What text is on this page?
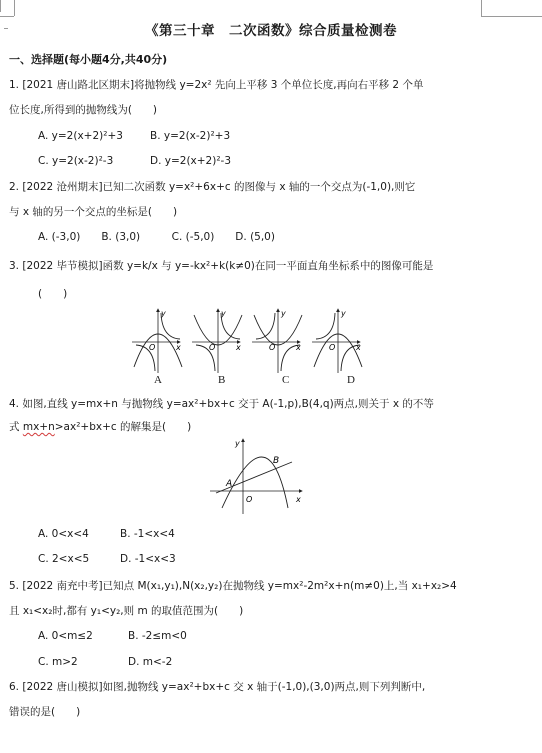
《第三十章　二次函数》综合质量检测卷
一、选择题(每小题4分,共40分)
1. [2021 唐山路北区期末]将抛物线 y=2x² 先向上平移 3 个单位长度,再向右平移 2 个单
位长度,所得到的抛物线为(　　)
A. y=2(x+2)²+3	B. y=2(x-2)²+3
C. y=2(x-2)²-3	D. y=2(x+2)²-3
2. [2022 沧州期末]已知二次函数 y=x²+6x+c 的图像与 x 轴的一个交点为(-1,0),则它
与 x 轴的另一个交点的坐标是(　　)
A. (-3,0)　　B. (3,0)　　　C. (-5,0)　　D. (5,0)
3. [2022 毕节模拟]函数 y=k/x 与 y=-kx²+k(k≠0)在同一平面直角坐标系中的图像可能是
(　　)
y
x
O
y
x
O
y
x
O
y
x
O
A	B	C	D
4. 如图,直线 y=mx+n 与抛物线 y=ax²+bx+c 交于 A(-1,p),B(4,q)两点,则关于 x 的不等
式 mx+n>ax²+bx+c 的解集是(　　)
A
B
O	x
y
A. 0<x<4	B. -1<x<4
C. 2<x<5	D. -1<x<3
5. [2022 南充中考]已知点 M(x₁,y₁),N(x₂,y₂)在抛物线 y=mx²-2m²x+n(m≠0)上,当 x₁+x₂>4
且 x₁<x₂时,都有 y₁<y₂,则 m 的取值范围为(　　)
A. 0<m≤2	B. -2≤m<0
C. m>2	D. m<-2
6. [2022 唐山模拟]如图,抛物线 y=ax²+bx+c 交 x 轴于(-1,0),(3,0)两点,则下列判断中,
错误的是(　　)
